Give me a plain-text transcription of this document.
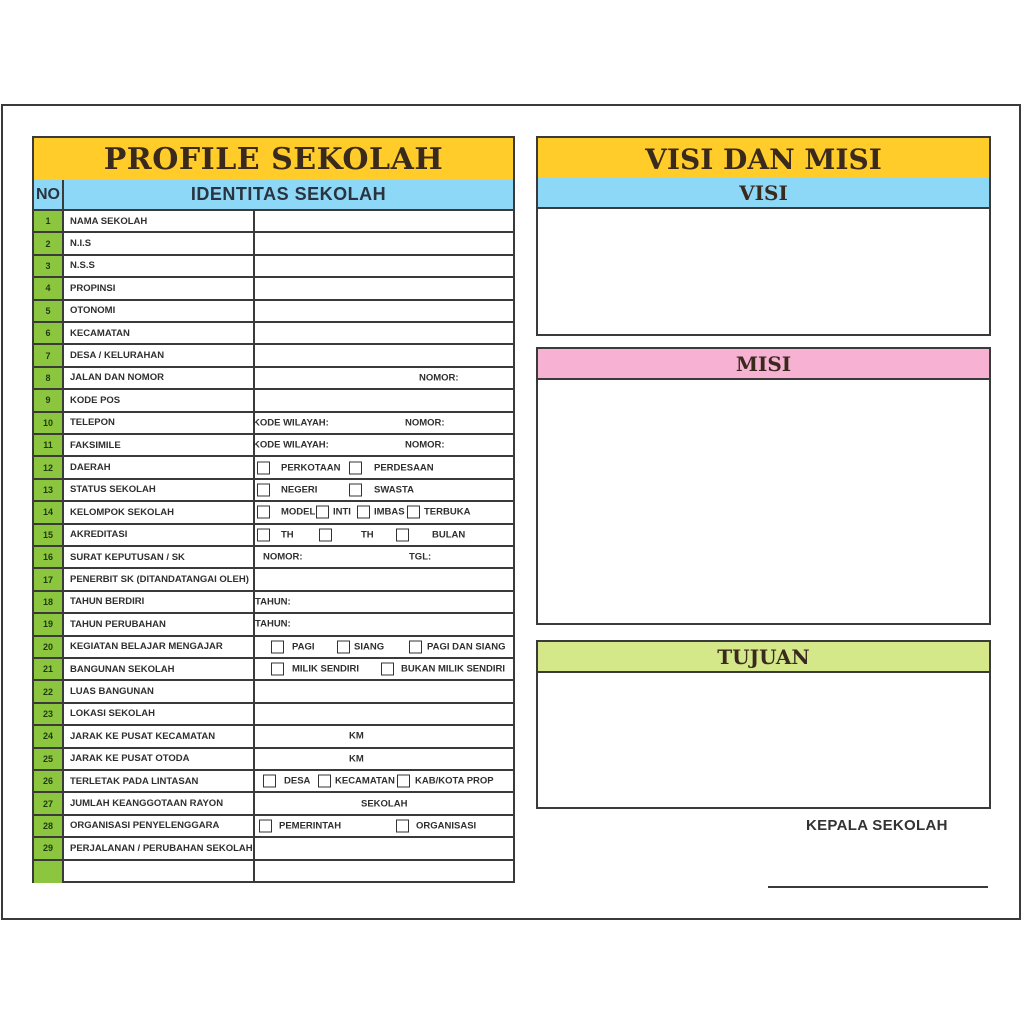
PROFILE SEKOLAH
NO	IDENTITAS SEKOLAH
1	NAMA SEKOLAH
2	N.I.S
3	N.S.S
4	PROPINSI
5	OTONOMI
6	KECAMATAN
7	DESA / KELURAHAN
8	JALAN DAN NOMOR	NOMOR:
9	KODE POS
10	TELEPON	KODE WILAYAH:	NOMOR:
11	FAKSIMILE	KODE WILAYAH:	NOMOR:
12	DAERAH	PERKOTAAN	PERDESAAN
13	STATUS SEKOLAH	NEGERI	SWASTA
14	KELOMPOK SEKOLAH	MODEL INTI IMBAS TERBUKA
15	AKREDITASI	TH	TH	BULAN
16	SURAT KEPUTUSAN / SK	NOMOR:	TGL:
17	PENERBIT SK (DITANDATANGAI OLEH)
18	TAHUN BERDIRI	TAHUN:
19	TAHUN PERUBAHAN	TAHUN:
20	KEGIATAN BELAJAR MENGAJAR	PAGI	SIANG	PAGI DAN SIANG
21	BANGUNAN SEKOLAH	MILIK SENDIRI	BUKAN MILIK SENDIRI
22	LUAS BANGUNAN
23	LOKASI SEKOLAH
24	JARAK KE PUSAT KECAMATAN	KM
25	JARAK KE PUSAT OTODA	KM
26	TERLETAK PADA LINTASAN	DESA	KECAMATAN KAB/KOTA PROP
27	JUMLAH KEANGGOTAAN RAYON	SEKOLAH
28	ORGANISASI PENYELENGGARA	PEMERINTAH	ORGANISASI
29	PERJALANAN / PERUBAHAN SEKOLAH
VISI DAN MISI
VISI
MISI
TUJUAN
KEPALA SEKOLAH
